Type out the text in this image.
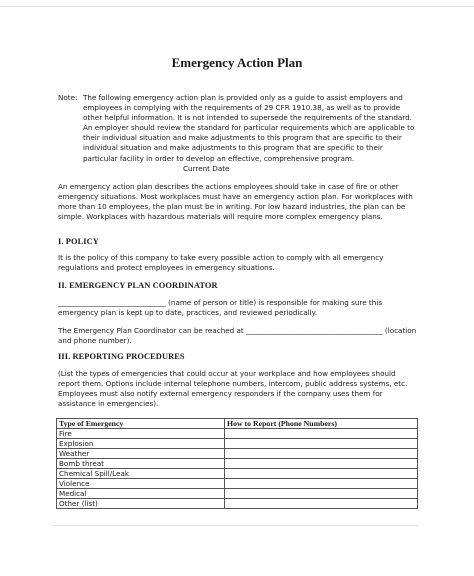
Emergency Action Plan
Note: The following emergency action plan is provided only as a guide to assist employers and employees in complying with the requirements of 29 CFR 1910.38, as well as to provide other helpful information. It is not intended to supersede the requirements of the standard. An employer should review the standard for particular requirements which are applicable to their individual situation and make adjustments to this program that are specific to their individual situation and make adjustments to this program that are specific to their particular facility in order to develop an effective, comprehensive program.
Current Date
An emergency action plan describes the actions employees should take in case of fire or other emergency situations. Most workplaces must have an emergency action plan. For workplaces with more than 10 employees, the plan must be in writing. For low hazard industries, the plan can be simple. Workplaces with hazardous materials will require more complex emergency plans.
I. POLICY
It is the policy of this company to take every possible action to comply with all emergency regulations and protect employees in emergency situations.
II. EMERGENCY PLAN COORDINATOR
______________________________ (name of person or title) is responsible for making sure this emergency plan is kept up to date, practices, and reviewed periodically.
The Emergency Plan Coordinator can be reached at ______________________________________ (location and phone number).
III. REPORTING PROCEDURES
(List the types of emergencies that could occur at your workplace and how employees should report them. Options include internal telephone numbers, intercom, public address systems, etc. Employees must also notify external emergency responders if the company uses them for assistance in emergencies).
Type of Emergency	How to Report (Phone Numbers)
Fire	
Explosion	
Weather	
Bomb threat	
Chemical Spill/Leak	
Violence	
Medical	
Other (list)	
